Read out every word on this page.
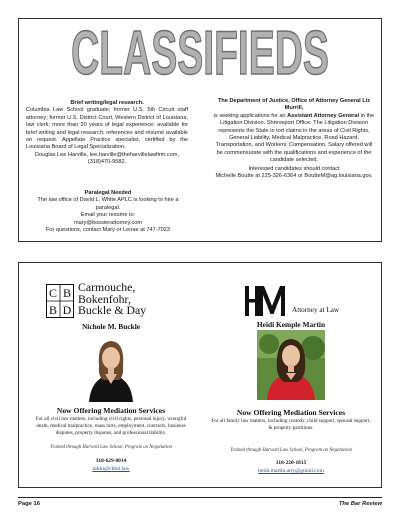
CLASSIFIEDS
Brief writing/legal research.

Columbia Law School graduate; former U.S. 5th Circuit staff attorney; former U.S. District Court, Western District of Louisiana, law clerk; more than 20 years of legal experience; available for brief writing and legal research; references and résumé available on request. Appellate Practice specialist, certified by the Louisiana Board of Legal Specialization.

Douglas Lee Harville, lee.harville@theharvillelawfirm.com,

(318)470-9582.

The Department of Justice, Office of Attorney General Liz Murrill,

is seeking applications for an Assistant Attorney General in the Litigation Division, Shreveport Office. The Litigation Division represents the State in tort claims in the areas of Civil Rights, General Liability, Medical Malpractice, Road Hazard, Transportation, and Workers' Compensation. Salary offered will be commensurate with the qualifications and experience of the candidate selected.

Interested candidates should contact

Michelle Boutte at 225-326-6364 or BoutteM@ag.louisiana.gov.

Paralegal Needed

The law office of David L. White APLC is looking to hire a paralegal.

Email your resume to:

mary@bossierattorney.com

For questions, contact Mary or Lenae at 747-7023

C B
B D
Carmouche,
Bokenfohr,
Buckle & Day
Nichole M. Buckle
Now Offering Mediation Services
For all civil law matters, including civil rights, personal injury, wrongful death, medical malpractice, mass torts, employment, contracts, business disputes, property disputes, and professional liability.
Trained through Harvard Law School, Program on Negotiation
318-629-0014
nikki@cbbd.law
Attorney at Law
Heidi Kemple Martin
Now Offering Mediation Services
For all family law matters, including custody, child support, spousal support, & property partitions.
Trained through Harvard Law School, Program on Negotiation
318-220-1815
heidi.martin.atty@gmail.com
Page 16	The Bar Review
